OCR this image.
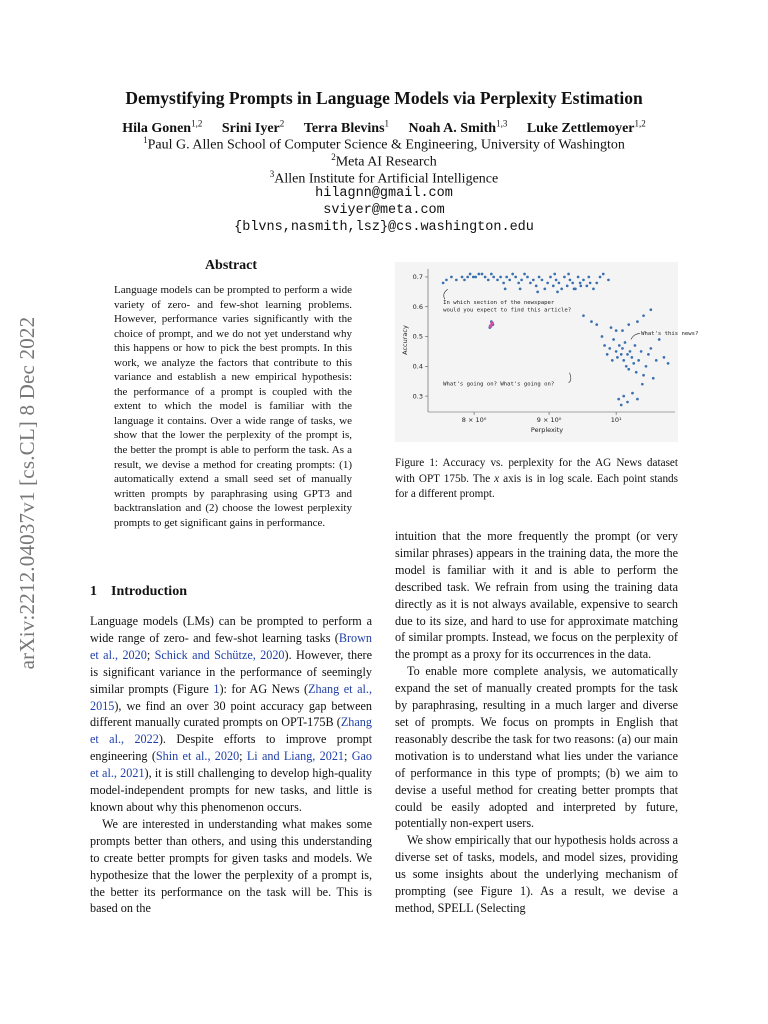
arXiv:2212.04037v1 [cs.CL] 8 Dec 2022
Demystifying Prompts in Language Models via Perplexity Estimation
Hila Gonen$^{1,2}$ Srini Iyer$^2$ Terra Blevins$^1$ Noah A. Smith$^{1,3}$ Luke Zettlemoyer$^{1,2}$
$^1$Paul G. Allen School of Computer Science & Engineering, University of Washington
$^2$Meta AI Research
$^3$Allen Institute for Artificial Intelligence
hilagnn@gmail.com
sviyer@meta.com
{blvns,nasmith,lsz}@cs.washington.edu
Abstract
Language models can be prompted to perform a wide variety of zero- and few-shot learning problems. However, performance varies significantly with the choice of prompt, and we do not yet understand why this happens or how to pick the best prompts. In this work, we analyze the factors that contribute to this variance and establish a new empirical hypothesis: the performance of a prompt is coupled with the extent to which the model is familiar with the language it contains. Over a wide range of tasks, we show that the lower the perplexity of the prompt is, the better the prompt is able to perform the task. As a result, we devise a method for creating prompts: (1) automatically extend a small seed set of manually written prompts by paraphrasing using GPT3 and backtranslation and (2) choose the lowest perplexity prompts to get significant gains in performance.
1 Introduction

Language models (LMs) can be prompted to perform a wide range of zero- and few-shot learning tasks (Brown et al., 2020; Schick and Schütze, 2020). However, there is significant variance in the performance of seemingly similar prompts (Figure 1): for AG News (Zhang et al., 2015), we find an over 30 point accuracy gap between different manually curated prompts on OPT-175B (Zhang et al., 2022). Despite efforts to improve prompt engineering (Shin et al., 2020; Li and Liang, 2021; Gao et al., 2021), it is still challenging to develop high-quality model-independent prompts for new tasks, and little is known about why this phenomenon occurs.

We are interested in understanding what makes some prompts better than others, and using this understanding to create better prompts for given tasks and models. We hypothesize that the lower the perplexity of a prompt is, the better its performance on the task will be. This is based on the

0.3
0.4
0.5
0.6
0.7
8 × 10⁰	9 × 10⁰	10¹
In which section of the newspaper
would you expect to find this article?
What's this news?
What's going on? What's going on?
Perplexity
Accuracy
Figure 1: Accuracy vs. perplexity for the AG News dataset with OPT 175b. The x axis is in log scale. Each point stands for a different prompt.

intuition that the more frequently the prompt (or very similar phrases) appears in the training data, the more the model is familiar with it and is able to perform the described task. We refrain from using the training data directly as it is not always available, expensive to search due to its size, and hard to use for approximate matching of similar prompts. Instead, we focus on the perplexity of the prompt as a proxy for its occurrences in the data.

To enable more complete analysis, we automatically expand the set of manually created prompts for the task by paraphrasing, resulting in a much larger and diverse set of prompts. We focus on prompts in English that reasonably describe the task for two reasons: (a) our main motivation is to understand what lies under the variance of performance in this type of prompts; (b) we aim to devise a useful method for creating better prompts that could be easily adopted and interpreted by future, potentially non-expert users.

We show empirically that our hypothesis holds across a diverse set of tasks, models, and model sizes, providing us some insights about the underlying mechanism of prompting (see Figure 1). As a result, we devise a method, SPELL (Selecting
